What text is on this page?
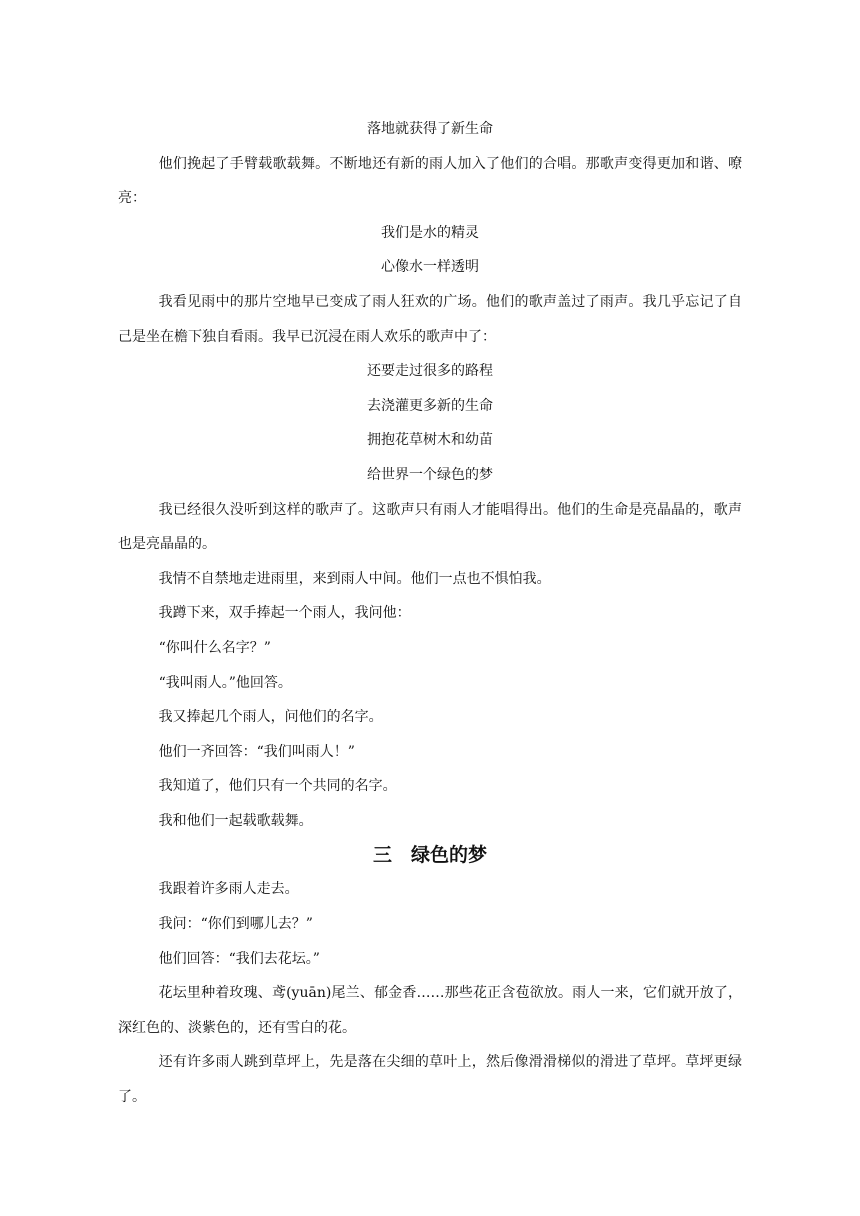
落地就获得了新生命

他们挽起了手臂载歌载舞。不断地还有新的雨人加入了他们的合唱。那歌声变得更加和谐、嘹亮：

我们是水的精灵

心像水一样透明

我看见雨中的那片空地早已变成了雨人狂欢的广场。他们的歌声盖过了雨声。我几乎忘记了自己是坐在檐下独自看雨。我早已沉浸在雨人欢乐的歌声中了：

还要走过很多的路程

去浇灌更多新的生命

拥抱花草树木和幼苗

给世界一个绿色的梦

我已经很久没听到这样的歌声了。这歌声只有雨人才能唱得出。他们的生命是亮晶晶的，歌声也是亮晶晶的。

我情不自禁地走进雨里，来到雨人中间。他们一点也不惧怕我。

我蹲下来，双手捧起一个雨人，我问他：

“你叫什么名字？”

“我叫雨人。”他回答。

我又捧起几个雨人，问他们的名字。

他们一齐回答：“我们叫雨人！”

我知道了，他们只有一个共同的名字。

我和他们一起载歌载舞。

三　绿色的梦

我跟着许多雨人走去。

我问：“你们到哪儿去？”

他们回答：“我们去花坛。”

花坛里种着玫瑰、鸢(yuān)尾兰、郁金香……那些花正含苞欲放。雨人一来，它们就开放了，深红色的、淡紫色的，还有雪白的花。

还有许多雨人跳到草坪上，先是落在尖细的草叶上，然后像滑滑梯似的滑进了草坪。草坪更绿了。
